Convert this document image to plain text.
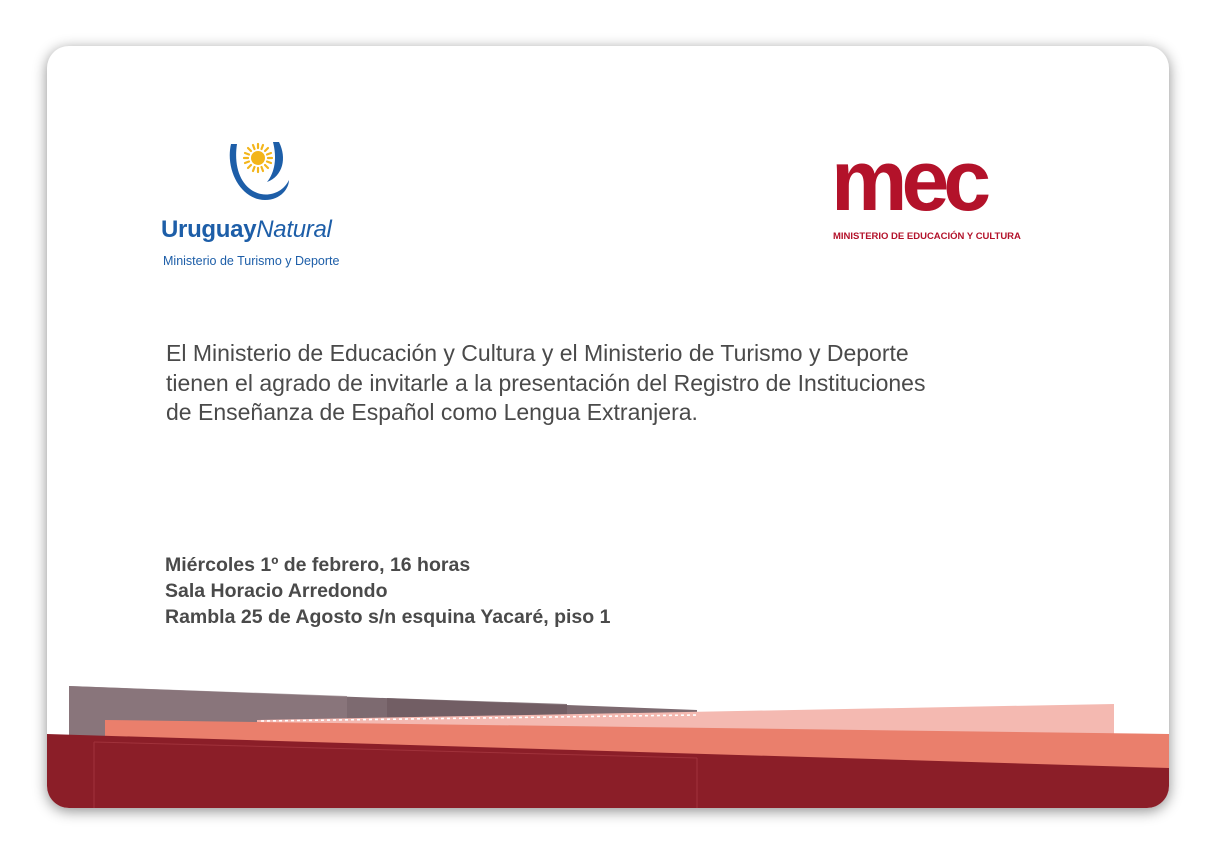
UruguayNatural
Ministerio de Turismo y Deporte
mec
MINISTERIO DE EDUCACIÓN Y CULTURA
El Ministerio de Educación y Cultura y el Ministerio de Turismo y Deporte
tienen el agrado de invitarle a la presentación del Registro de Instituciones
de Enseñanza de Español como Lengua Extranjera.
Miércoles 1º de febrero, 16 horas
Sala Horacio Arredondo
Rambla 25 de Agosto s/n esquina Yacaré, piso 1
